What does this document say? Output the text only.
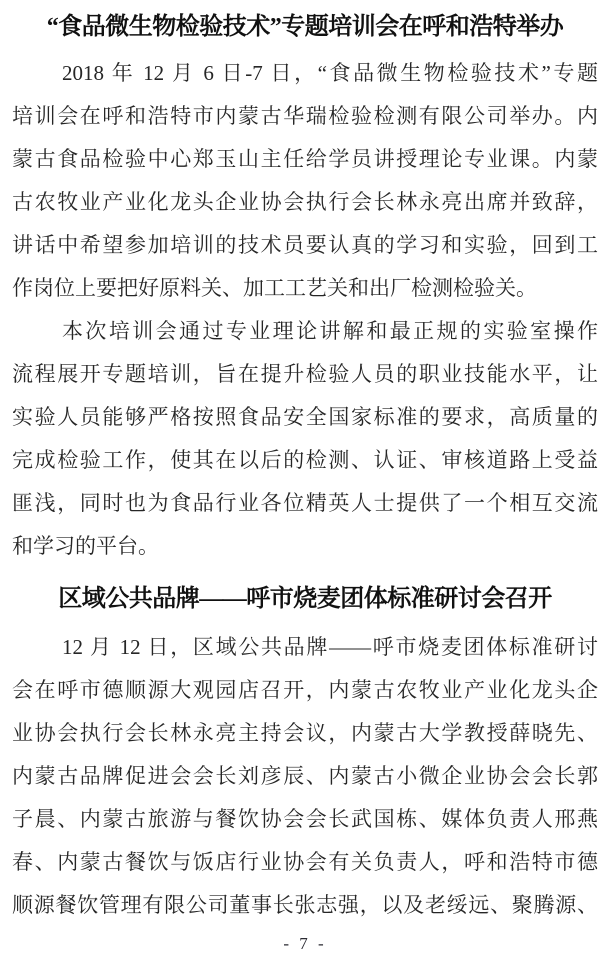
“食品微生物检验技术”专题培训会在呼和浩特举办
2018 年 12 月 6 日-7 日，“食品微生物检验技术”专题
培训会在呼和浩特市内蒙古华瑞检验检测有限公司举办。内
蒙古食品检验中心郑玉山主任给学员讲授理论专业课。内蒙
古农牧业产业化龙头企业协会执行会长林永亮出席并致辞，
讲话中希望参加培训的技术员要认真的学习和实验，回到工
作岗位上要把好原料关、加工工艺关和出厂检测检验关。
本次培训会通过专业理论讲解和最正规的实验室操作
流程展开专题培训，旨在提升检验人员的职业技能水平，让
实验人员能够严格按照食品安全国家标准的要求，高质量的
完成检验工作，使其在以后的检测、认证、审核道路上受益
匪浅，同时也为食品行业各位精英人士提供了一个相互交流
和学习的平台。
区域公共品牌——呼市烧麦团体标准研讨会召开
12 月 12 日，区域公共品牌——呼市烧麦团体标准研讨
会在呼市德顺源大观园店召开，内蒙古农牧业产业化龙头企
业协会执行会长林永亮主持会议，内蒙古大学教授薛晓先、
内蒙古品牌促进会会长刘彦辰、内蒙古小微企业协会会长郭
子晨、内蒙古旅游与餐饮协会会长武国栋、媒体负责人邢燕
春、内蒙古餐饮与饭店行业协会有关负责人，呼和浩特市德
顺源餐饮管理有限公司董事长张志强，以及老绥远、聚腾源、
- 7 -
